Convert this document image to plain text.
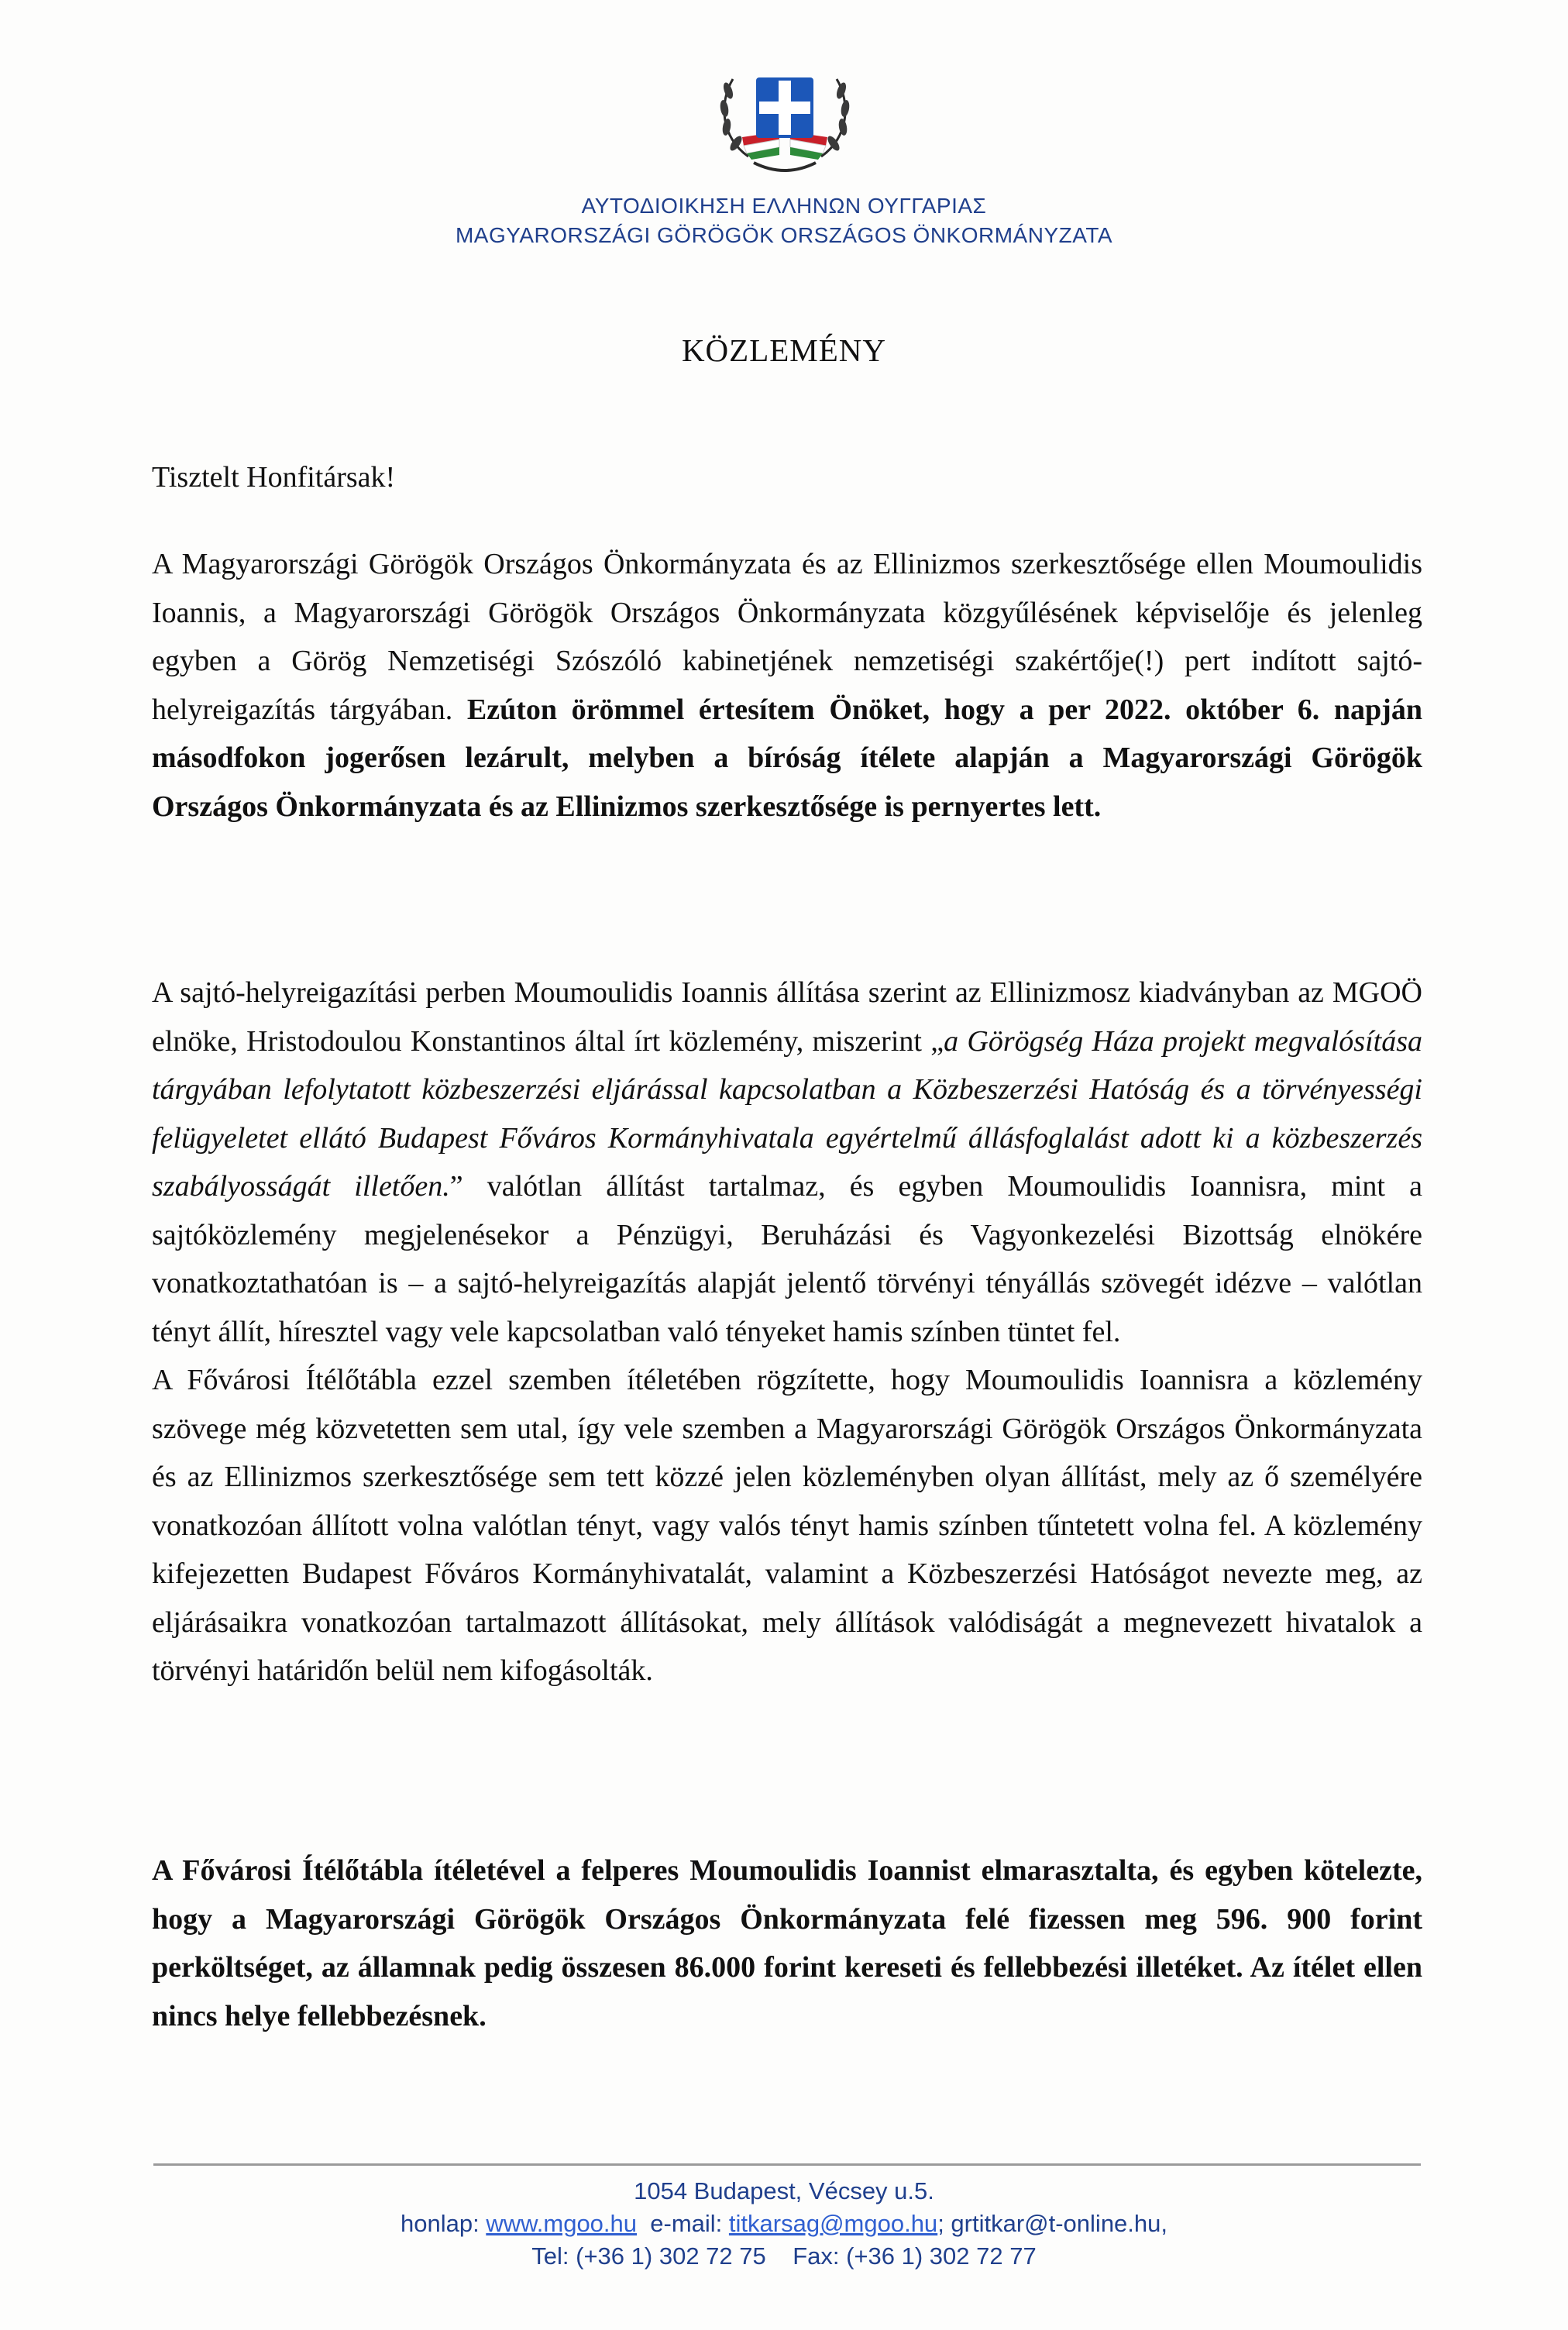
ΑΥΤΟΔΙΟΙΚΗΣΗ ΕΛΛΗΝΩΝ ΟΥΓΓΑΡΙΑΣ
MAGYARORSZÁGI GÖRÖGÖK ORSZÁGOS ÖNKORMÁNYZATA
KÖZLEMÉNY
Tisztelt Honfitársak!

A Magyarországi Görögök Országos Önkormányzata és az Ellinizmos szerkesztősége ellen Moumoulidis Ioannis, a Magyarországi Görögök Országos Önkormányzata közgyűlésének képviselője és jelenleg egyben a Görög Nemzetiségi Szószóló kabinetjének nemzetiségi szakértője(!) pert indított sajtó-helyreigazítás tárgyában. Ezúton örömmel értesítem Önöket, hogy a per 2022. október 6. napján másodfokon jogerősen lezárult, melyben a bíróság ítélete alapján a Magyarországi Görögök Országos Önkormányzata és az Ellinizmos szerkesztősége is pernyertes lett.

A sajtó-helyreigazítási perben Moumoulidis Ioannis állítása szerint az Ellinizmosz kiadványban az MGOÖ elnöke, Hristodoulou Konstantinos által írt közlemény, miszerint „a Görögség Háza projekt megvalósítása tárgyában lefolytatott közbeszerzési eljárással kapcsolatban a Közbeszerzési Hatóság és a törvényességi felügyeletet ellátó Budapest Főváros Kormányhivatala egyértelmű állásfoglalást adott ki a közbeszerzés szabályosságát illetően.” valótlan állítást tartalmaz, és egyben Moumoulidis Ioannisra, mint a sajtóközlemény megjelenésekor a Pénzügyi, Beruházási és Vagyonkezelési Bizottság elnökére vonatkoztathatóan is – a sajtó-helyreigazítás alapját jelentő törvényi tényállás szövegét idézve – valótlan tényt állít, híresztel vagy vele kapcsolatban való tényeket hamis színben tüntet fel.

A Fővárosi Ítélőtábla ezzel szemben ítéletében rögzítette, hogy Moumoulidis Ioannisra a közlemény szövege még közvetetten sem utal, így vele szemben a Magyarországi Görögök Országos Önkormányzata és az Ellinizmos szerkesztősége sem tett közzé jelen közleményben olyan állítást, mely az ő személyére vonatkozóan állított volna valótlan tényt, vagy valós tényt hamis színben tűntetett volna fel. A közlemény kifejezetten Budapest Főváros Kormányhivatalát, valamint a Közbeszerzési Hatóságot nevezte meg, az eljárásaikra vonatkozóan tartalmazott állításokat, mely állítások valódiságát a megnevezett hivatalok a törvényi határidőn belül nem kifogásolták.

A Fővárosi Ítélőtábla ítéletével a felperes Moumoulidis Ioannist elmarasztalta, és egyben kötelezte, hogy a Magyarországi Görögök Országos Önkormányzata felé fizessen meg 596. 900 forint perköltséget, az államnak pedig összesen 86.000 forint kereseti és fellebbezési illetéket. Az ítélet ellen nincs helye fellebbezésnek.

1054 Budapest, Vécsey u.5.
honlap: www.mgoo.hu e-mail: titkarsag@mgoo.hu; grtitkar@t-online.hu,
Tel: (+36 1) 302 72 75 Fax: (+36 1) 302 72 77
